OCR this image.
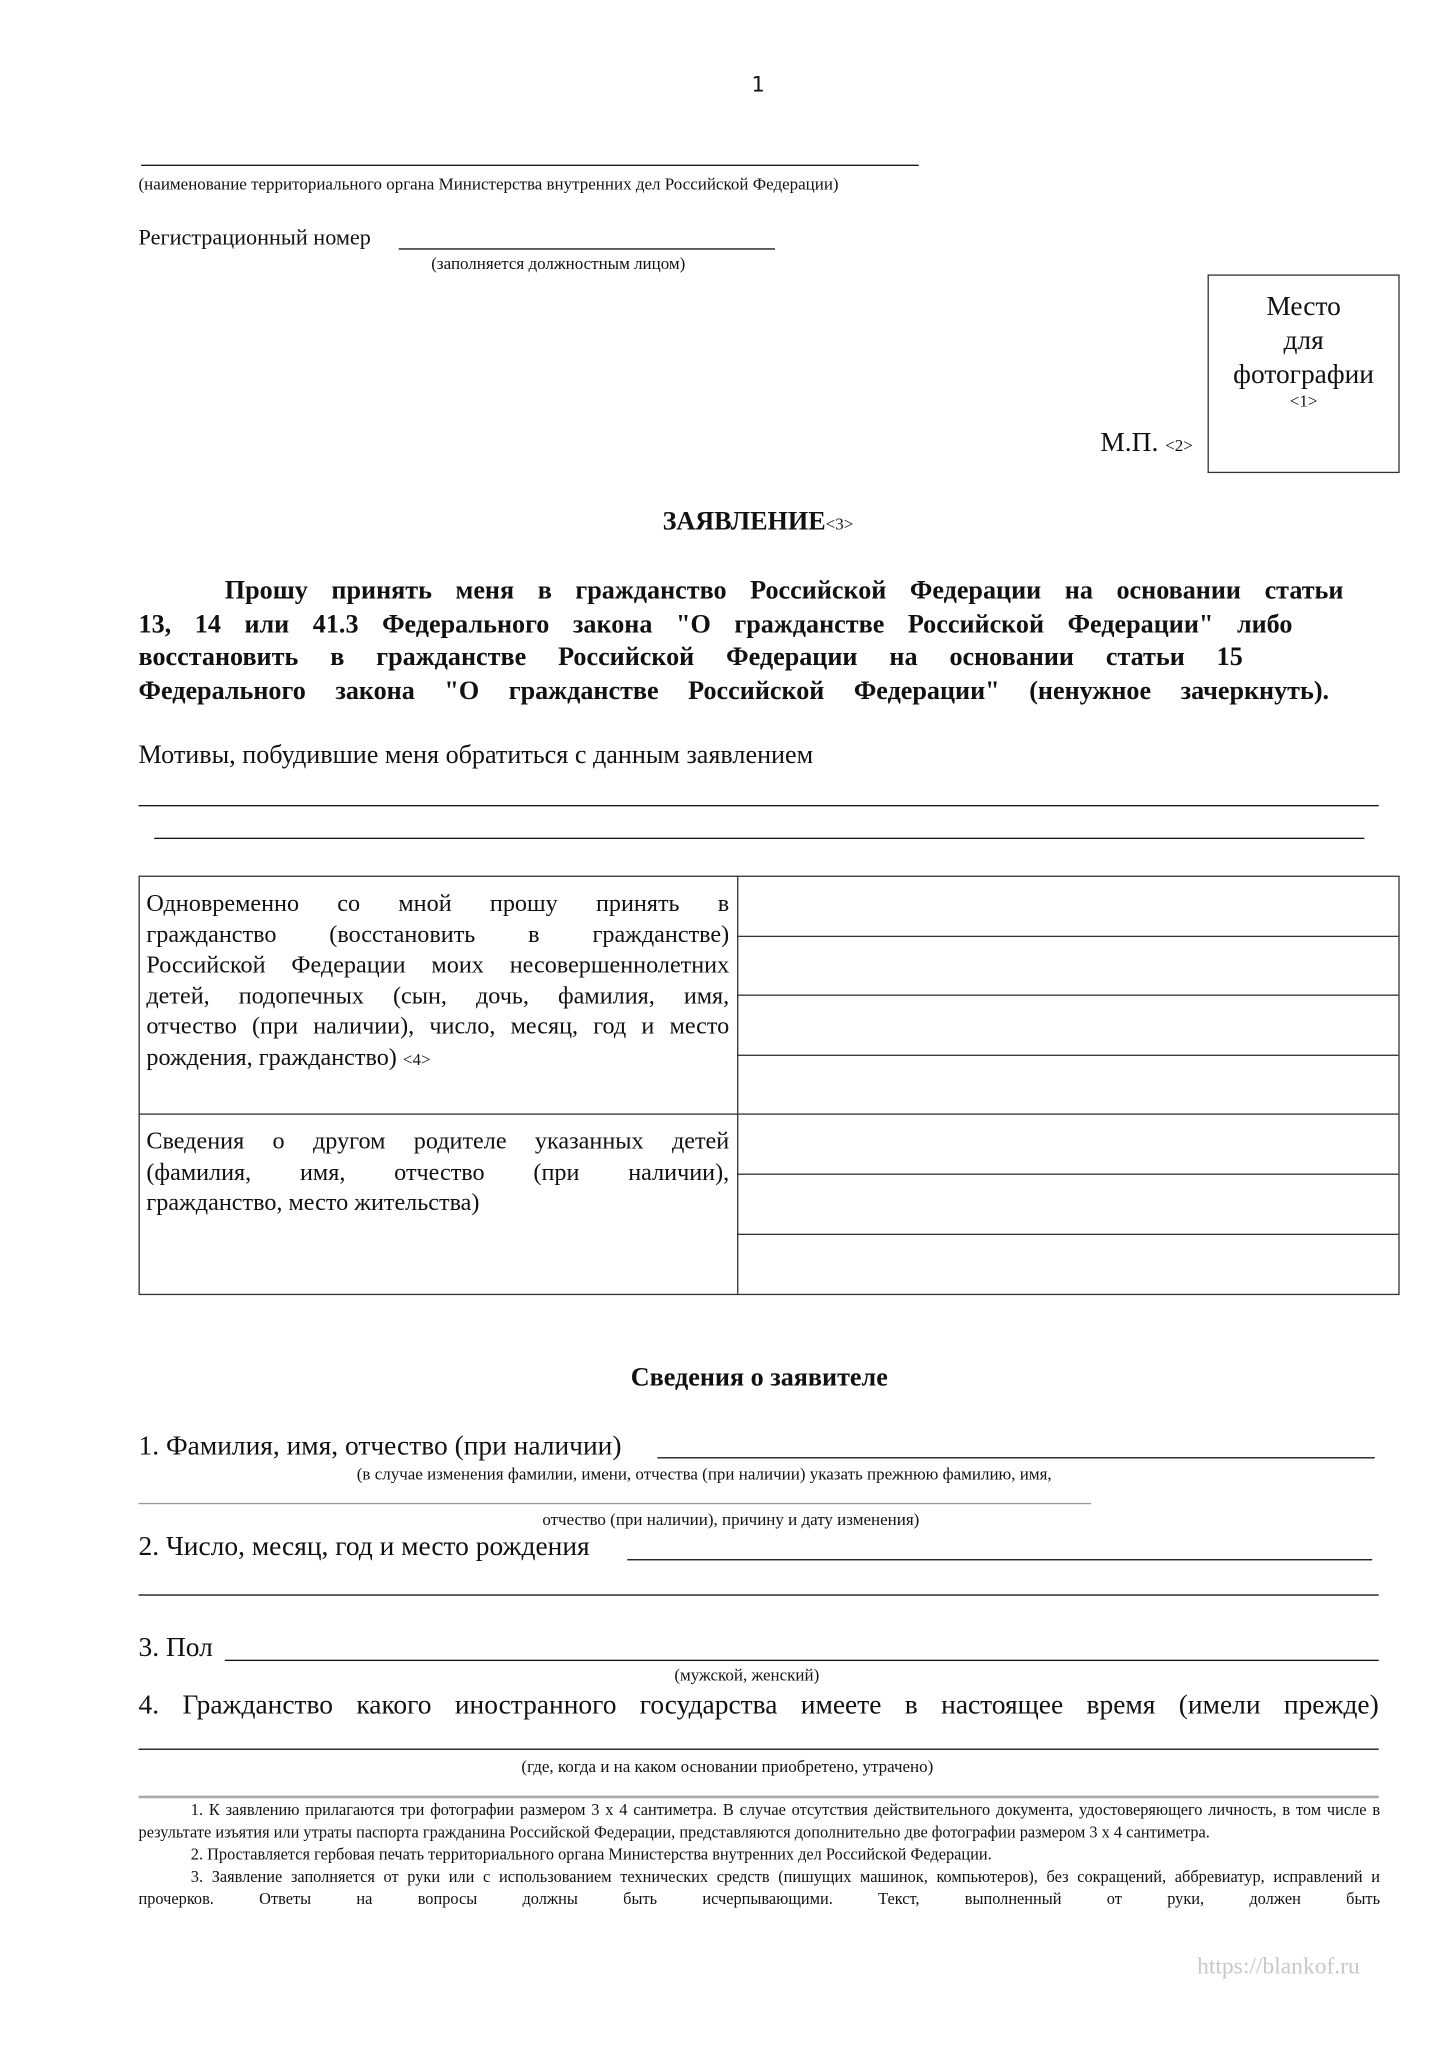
1
(наименование территориального органа Министерства внутренних дел Российской Федерации)
Регистрационный номер
(заполняется должностным лицом)
Место
для
фотографии
<1>
М.П. <2>
ЗАЯВЛЕНИЕ<3>
Прошу принять меня в гражданство Российской Федерации на основании статьи
13, 14 или 41.3 Федерального закона "О гражданстве Российской Федерации" либо
восстановить в гражданстве Российской Федерации на основании статьи 15
Федерального закона "О гражданстве Российской Федерации" (ненужное зачеркнуть).
Мотивы, побудившие меня обратиться с данным заявлением
Одновременно со мной прошу принять в
гражданство (восстановить в гражданстве)
Российской Федерации моих несовершеннолетних
детей, подопечных (сын, дочь, фамилия, имя,
отчество (при наличии), число, месяц, год и место
рождения, гражданство) <4>
Сведения о другом родителе указанных детей
(фамилия, имя, отчество (при наличии),
гражданство, место жительства)
Сведения о заявителе
1. Фамилия, имя, отчество (при наличии)
(в случае изменения фамилии, имени, отчества (при наличии) указать прежнюю фамилию, имя,
отчество (при наличии), причину и дату изменения)
2. Число, месяц, год и место рождения
3. Пол
(мужской, женский)
4. Гражданство какого иностранного государства имеете в настоящее время (имели прежде)
(где, когда и на каком основании приобретено, утрачено)
1. К заявлению прилагаются три фотографии размером 3 х 4 сантиметра. В случае отсутствия действительного документа, удостоверяющего личность, в том числе в результате изъятия или утраты паспорта гражданина Российской Федерации, представляются дополнительно две фотографии размером 3 х 4 сантиметра.
2. Проставляется гербовая печать территориального органа Министерства внутренних дел Российской Федерации.
3. Заявление заполняется от руки или с использованием технических средств (пишущих машинок, компьютеров), без сокращений, аббревиатур, исправлений и прочерков. Ответы на вопросы должны быть исчерпывающими. Текст, выполненный от руки, должен быть
https://blankof.ru
